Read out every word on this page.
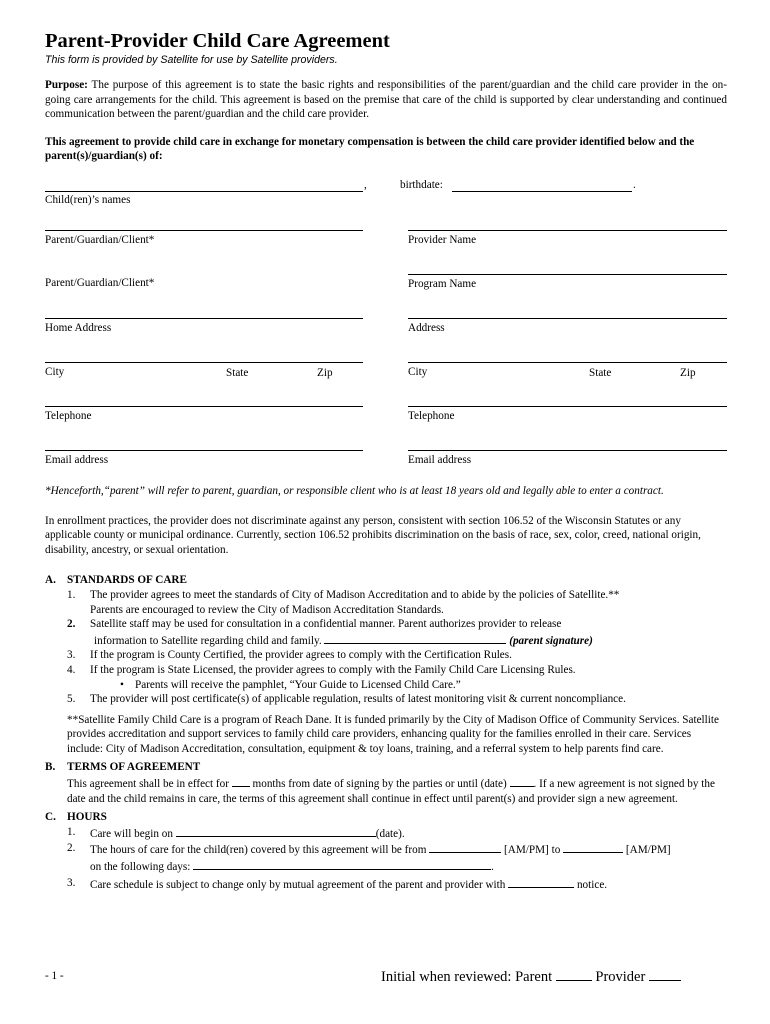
Parent-Provider Child Care Agreement

This form is provided by Satellite for use by Satellite providers.

Purpose: The purpose of this agreement is to state the basic rights and responsibilities of the parent/guardian and the child care provider in the on-going care arrangements for the child. This agreement is based on the premise that care of the child is supported by clear understanding and continued communication between the parent/guardian and the child care provider.

This agreement to provide child care in exchange for monetary compensation is between the child care provider identified below and the parent(s)/guardian(s) of:

,	birthdate:	.
Child(ren)’s names
Parent/Guardian/Client*	Provider Name
Parent/Guardian/Client*	Program Name
Home Address	Address
City	State	Zip	City	State	Zip
Telephone	Telephone
Email address	Email address

*Henceforth,“parent” will refer to parent, guardian, or responsible client who is at least 18 years old and legally able to enter a contract.

In enrollment practices, the provider does not discriminate against any person, consistent with section 106.52 of the Wisconsin Statutes or any applicable county or municipal ordinance. Currently, section 106.52 prohibits discrimination on the basis of race, sex, color, creed, national origin, disability, ancestry, or sexual orientation.

A. STANDARDS OF CARE
1. The provider agrees to meet the standards of City of Madison Accreditation and to abide by the policies of Satellite.**
Parents are encouraged to review the City of Madison Accreditation Standards.
2. Satellite staff may be used for consultation in a confidential manner. Parent authorizes provider to release
information to Satellite regarding child and family.	(parent signature)
3. If the program is County Certified, the provider agrees to comply with the Certification Rules.
4. If the program is State Licensed, the provider agrees to comply with the Family Child Care Licensing Rules.
• Parents will receive the pamphlet, “Your Guide to Licensed Child Care.”
5. The provider will post certificate(s) of applicable regulation, results of latest monitoring visit & current noncompliance.

**Satellite Family Child Care is a program of Reach Dane. It is funded primarily by the City of Madison Office of Community Services. Satellite provides accreditation and support services to family child care providers, enhancing quality for the families enrolled in their care. Services include: City of Madison Accreditation, consultation, equipment & toy loans, training, and a referral system to help parents find care.

B. TERMS OF AGREEMENT

This agreement shall be in effect for  months from date of signing by the parties or until (date) . If a new agreement is not signed by the date and the child remains in care, the terms of this agreement shall continue in effect until parent(s) and provider sign a new agreement.

C. HOURS
1. Care will begin on	(date).
2. The hours of care for the child(ren) covered by this agreement will be from	[AM/PM] to	[AM/PM]
on the following days:	.
3. Care schedule is subject to change only by mutual agreement of the parent and provider with	notice.
- 1 -	Initial when reviewed: Parent  Provider
